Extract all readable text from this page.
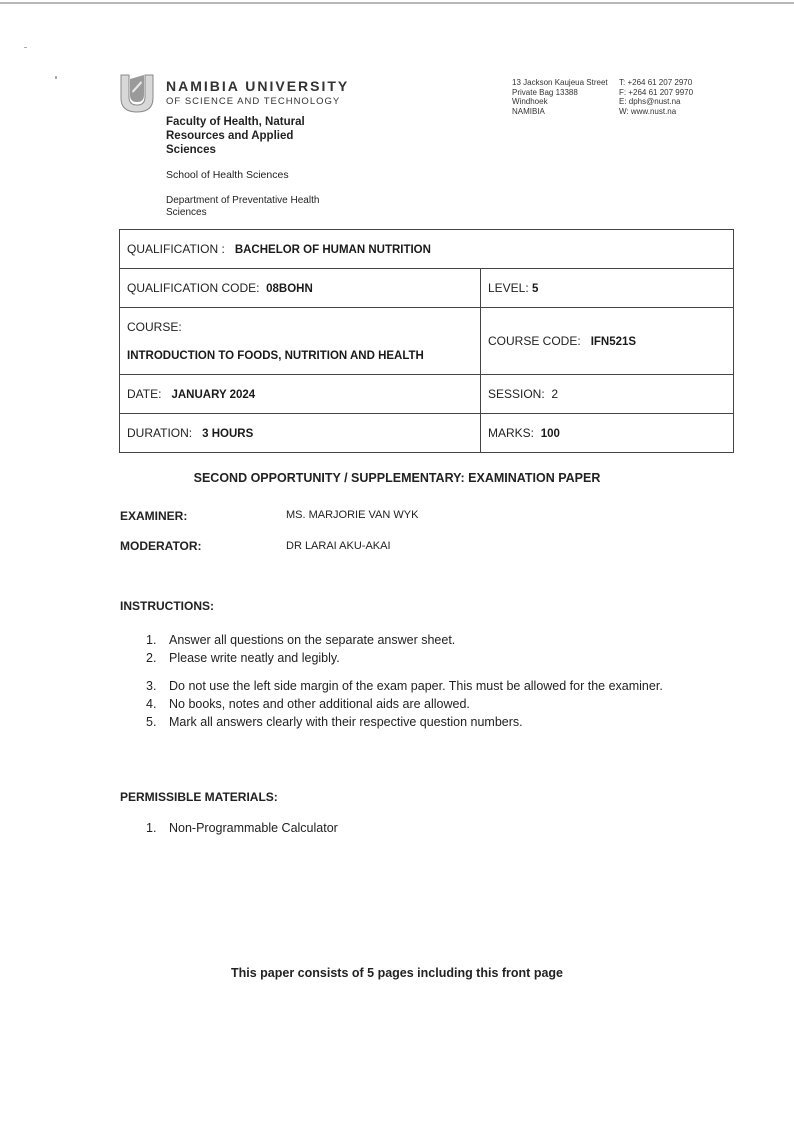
NAMIBIA UNIVERSITY
OF SCIENCE AND TECHNOLOGY
Faculty of Health, Natural Resources and Applied Sciences
School of Health Sciences
Department of Preventative Health Sciences
13 Jackson Kaujeua Street
Private Bag 13388
Windhoek
NAMIBIA
T: +264 61 207 2970
F: +264 61 207 9970
E: dphs@nust.na
W: www.nust.na
QUALIFICATION : BACHELOR OF HUMAN NUTRITION	
QUALIFICATION CODE: 08BOHN	LEVEL: 5

COURSE:
INTRODUCTION TO FOODS, NUTRITION AND HEALTH	COURSE CODE: IFN521S
DATE: JANUARY 2024	SESSION: 2
DURATION: 3 HOURS	MARKS: 100
SECOND OPPORTUNITY / SUPPLEMENTARY: EXAMINATION PAPER
EXAMINER:	MS. MARJORIE VAN WYK
MODERATOR:	DR LARAI AKU-AKAI
INSTRUCTIONS:
1.	Answer all questions on the separate answer sheet.
2.	Please write neatly and legibly.
3.	Do not use the left side margin of the exam paper. This must be allowed for the examiner.
4.	No books, notes and other additional aids are allowed.
5.	Mark all answers clearly with their respective question numbers.
PERMISSIBLE MATERIALS:
1.	Non-Programmable Calculator
This paper consists of 5 pages including this front page
